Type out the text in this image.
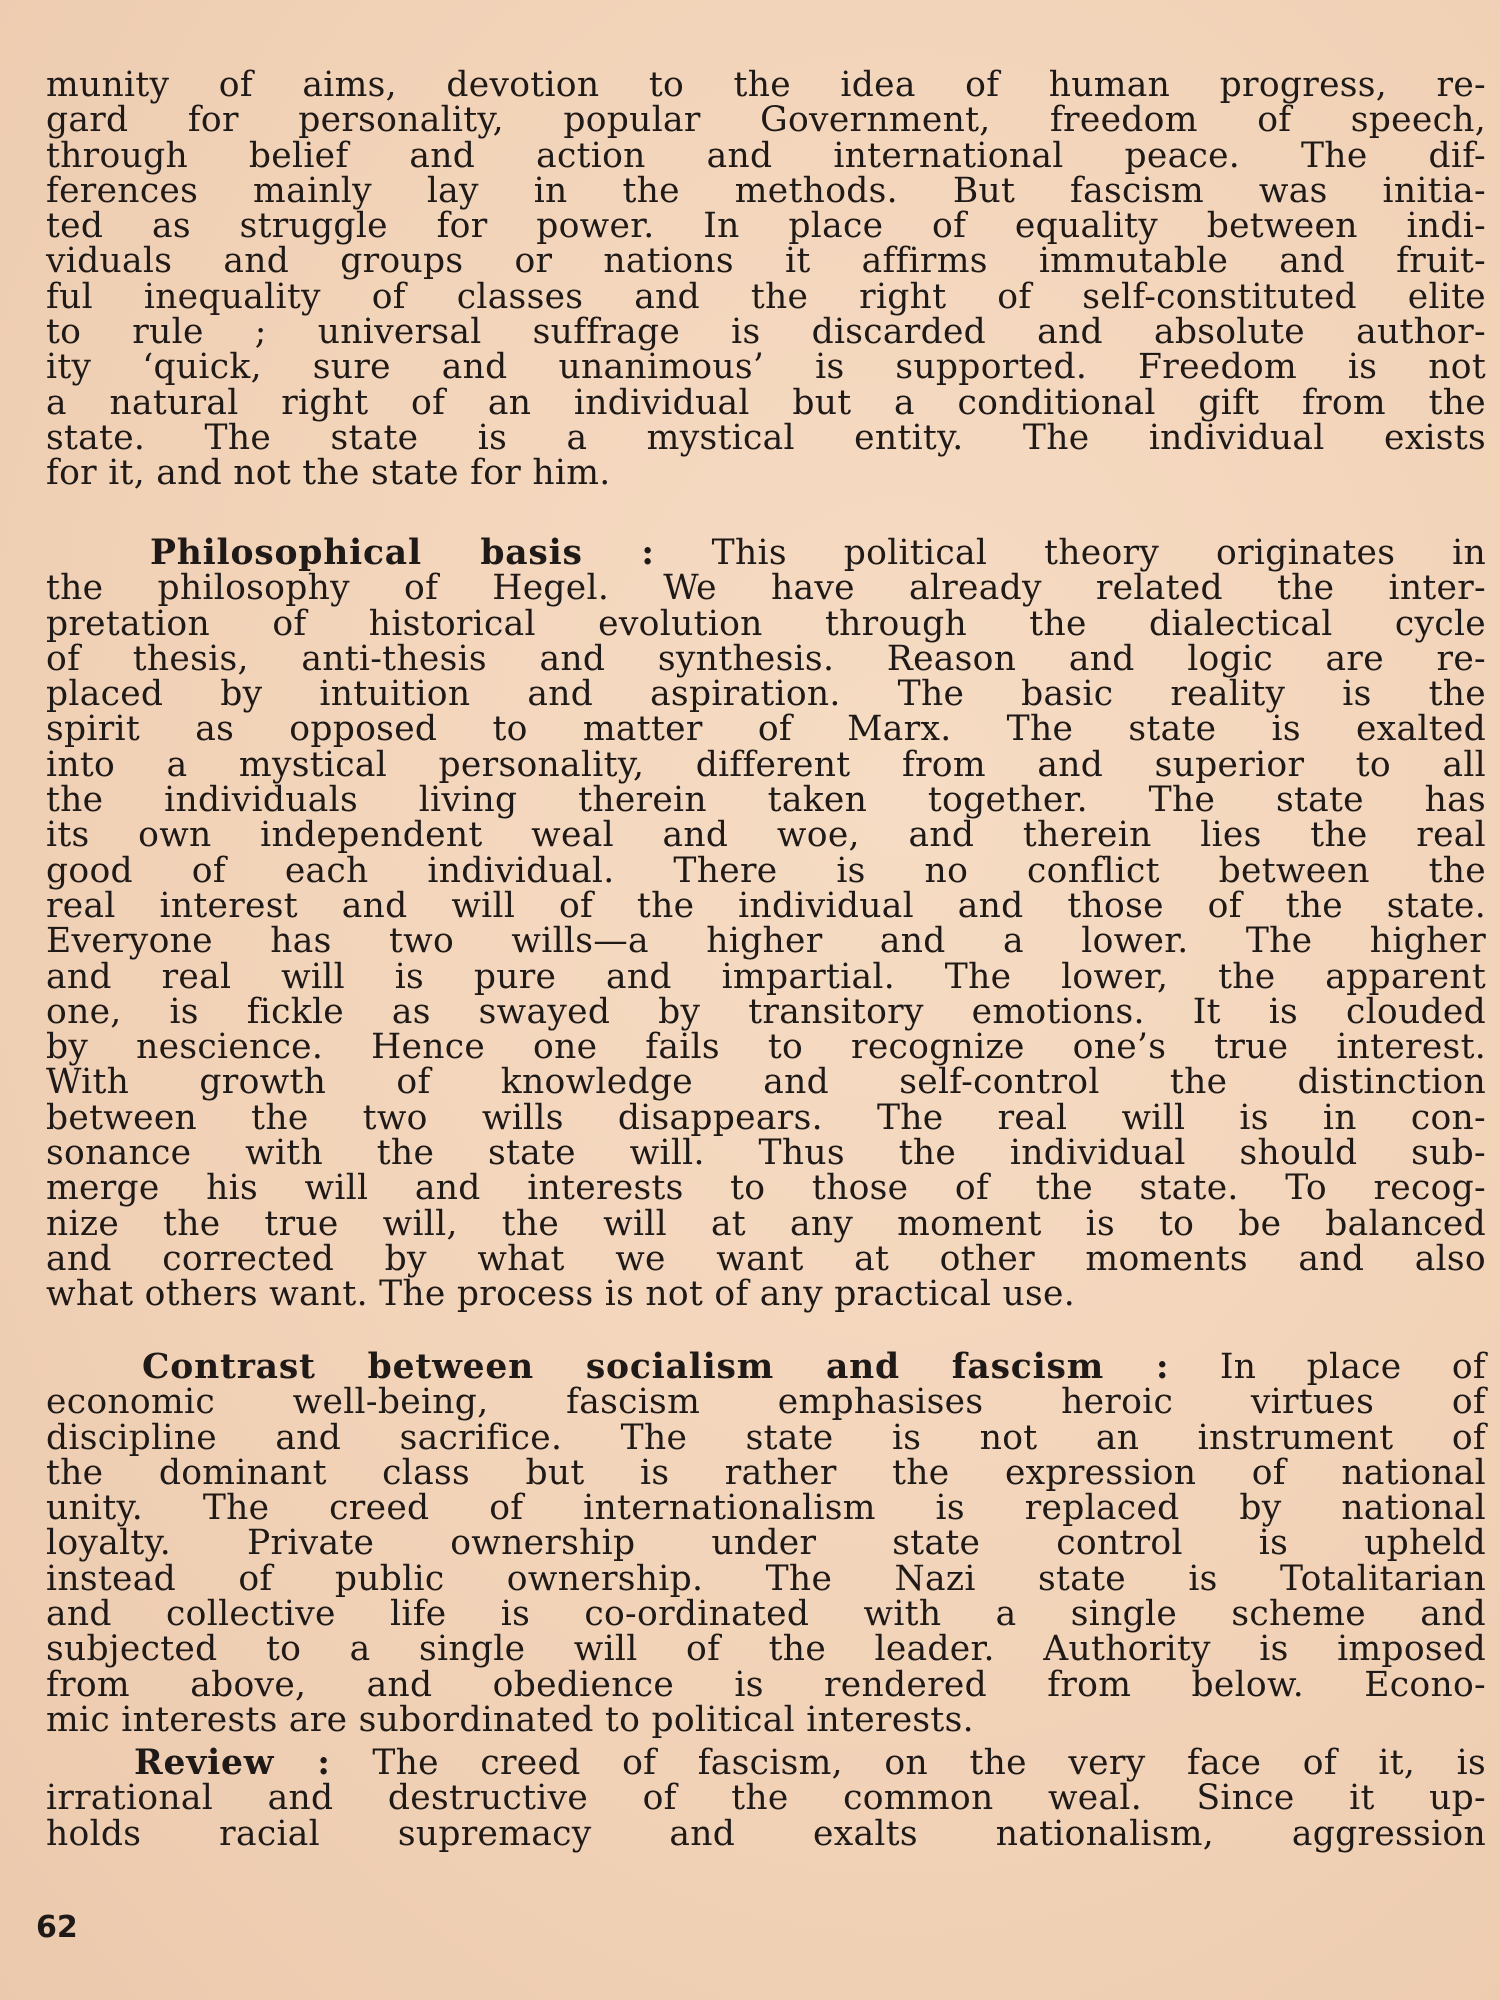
munity of aims, devotion to the idea of human progress, re-
gard for personality, popular Government, freedom of speech,
through belief and action and international peace. The dif-
ferences mainly lay in the methods. But fascism was initia-
ted as struggle for power. In place of equality between indi-
viduals and groups or nations it affirms immutable and fruit-
ful inequality of classes and the right of self-constituted elite
to rule ; universal suffrage is discarded and absolute author-
ity ‘quick, sure and unanimous’ is supported. Freedom is not
a natural right of an individual but a conditional gift from the
state. The state is a mystical entity. The individual exists
for it, and not the state for him.
Philosophical basis : This political theory originates in
the philosophy of Hegel. We have already related the inter-
pretation of historical evolution through the dialectical cycle
of thesis, anti-thesis and synthesis. Reason and logic are re-
placed by intuition and aspiration. The basic reality is the
spirit as opposed to matter of Marx. The state is exalted
into a mystical personality, different from and superior to all
the individuals living therein taken together. The state has
its own independent weal and woe, and therein lies the real
good of each individual. There is no conflict between the
real interest and will of the individual and those of the state.
Everyone has two wills—a higher and a lower. The higher
and real will is pure and impartial. The lower, the apparent
one, is fickle as swayed by transitory emotions. It is clouded
by nescience. Hence one fails to recognize one’s true interest.
With growth of knowledge and self-control the distinction
between the two wills disappears. The real will is in con-
sonance with the state will. Thus the individual should sub-
merge his will and interests to those of the state. To recog-
nize the true will, the will at any moment is to be balanced
and corrected by what we want at other moments and also
what others want. The process is not of any practical use.
Contrast between socialism and fascism : In place of
economic well-being, fascism emphasises heroic virtues of
discipline and sacrifice. The state is not an instrument of
the dominant class but is rather the expression of national
unity. The creed of internationalism is replaced by national
loyalty. Private ownership under state control is upheld
instead of public ownership. The Nazi state is Totalitarian
and collective life is co-ordinated with a single scheme and
subjected to a single will of the leader. Authority is imposed
from above, and obedience is rendered from below. Econo-
mic interests are subordinated to political interests.
Review : The creed of fascism, on the very face of it, is
irrational and destructive of the common weal. Since it up-
holds racial supremacy and exalts nationalism, aggression
62
